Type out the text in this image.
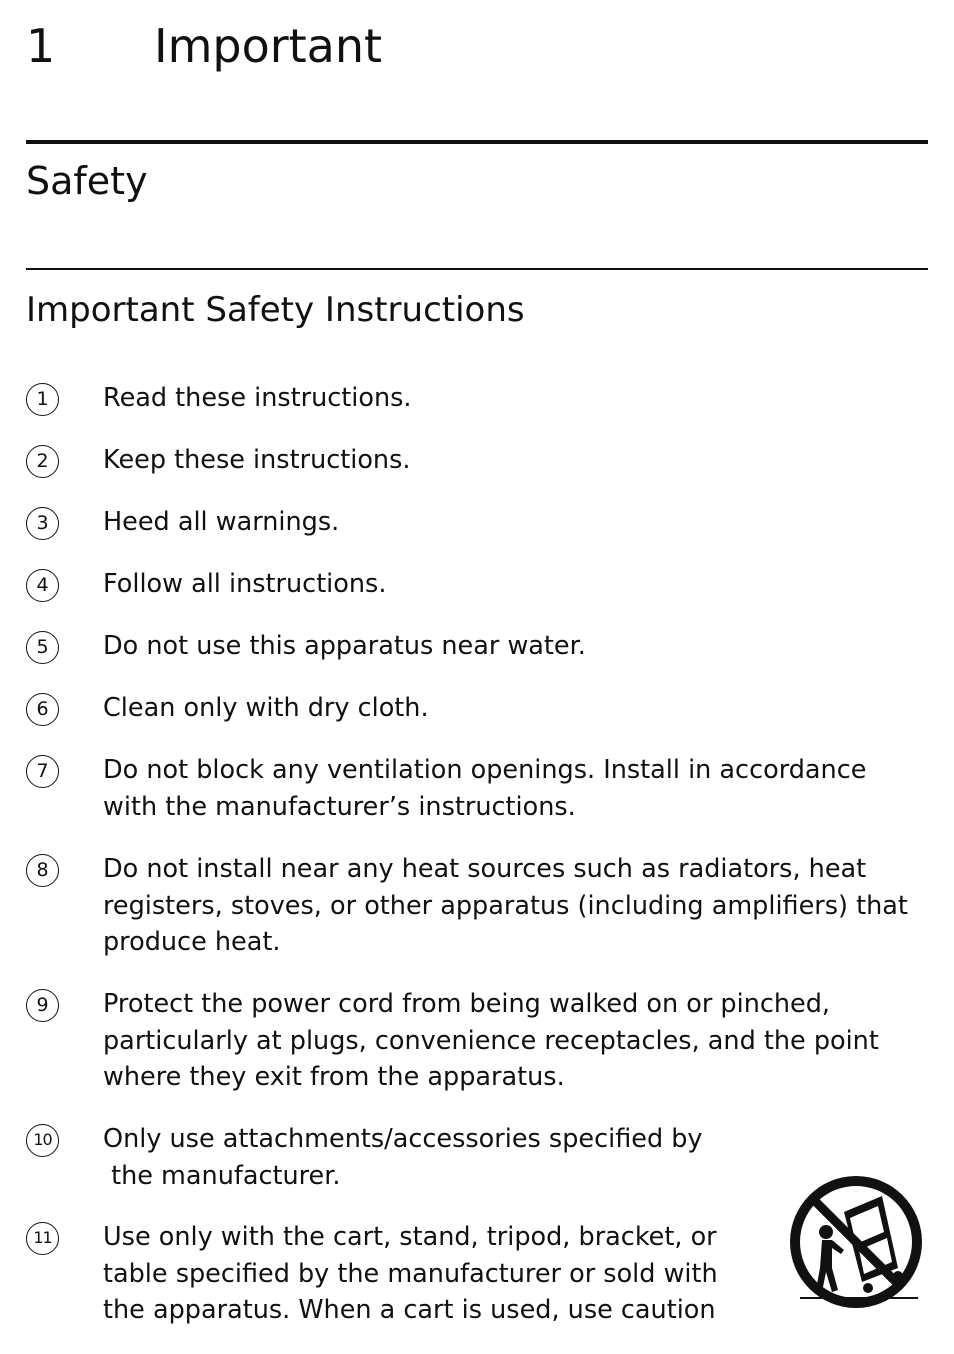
1 Important
Safety
Important Safety Instructions
1	Read these instructions.
2	Keep these instructions.
3	Heed all warnings.
4	Follow all instructions.
5	Do not use this apparatus near water.
6	Clean only with dry cloth.
7	Do not block any ventilation openings. Install in accordance
with the manufacturer’s instructions.
8	Do not install near any heat sources such as radiators, heat
registers, stoves, or other apparatus (including amplifiers) that
produce heat.
9	Protect the power cord from being walked on or pinched,
particularly at plugs, convenience receptacles, and the point
where they exit from the apparatus.
10 Only use attachments/accessories specified by
the manufacturer.
11 Use only with the cart, stand, tripod, bracket, or
table specified by the manufacturer or sold with
the apparatus. When a cart is used, use caution
